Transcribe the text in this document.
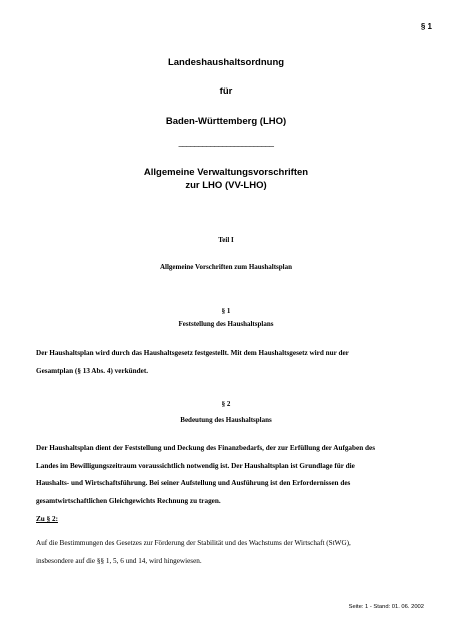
§ 1
Landeshaushaltsordnung
für
Baden-Württemberg (LHO)
________________________
Allgemeine Verwaltungsvorschriften
zur LHO (VV-LHO)
Teil I
Allgemeine Vorschriften zum Haushaltsplan
§ 1
Feststellung des Haushaltsplans
Der Haushaltsplan wird durch das Haushaltsgesetz festgestellt. Mit dem Haushaltsgesetz wird nur der
Gesamtplan (§ 13 Abs. 4) verkündet.
§ 2
Bedeutung des Haushaltsplans
Der Haushaltsplan dient der Feststellung und Deckung des Finanzbedarfs, der zur Erfüllung der Aufgaben des
Landes im Bewilligungszeitraum voraussichtlich notwendig ist. Der Haushaltsplan ist Grundlage für die
Haushalts- und Wirtschaftsführung. Bei seiner Aufstellung und Ausführung ist den Erfordernissen des
gesamtwirtschaftlichen Gleichgewichts Rechnung zu tragen.
Zu § 2:
Auf die Bestimmungen des Gesetzes zur Förderung der Stabilität und des Wachstums der Wirtschaft (StWG),
insbesondere auf die §§ 1, 5, 6 und 14, wird hingewiesen.
Seite: 1 - Stand: 01. 06. 2002
